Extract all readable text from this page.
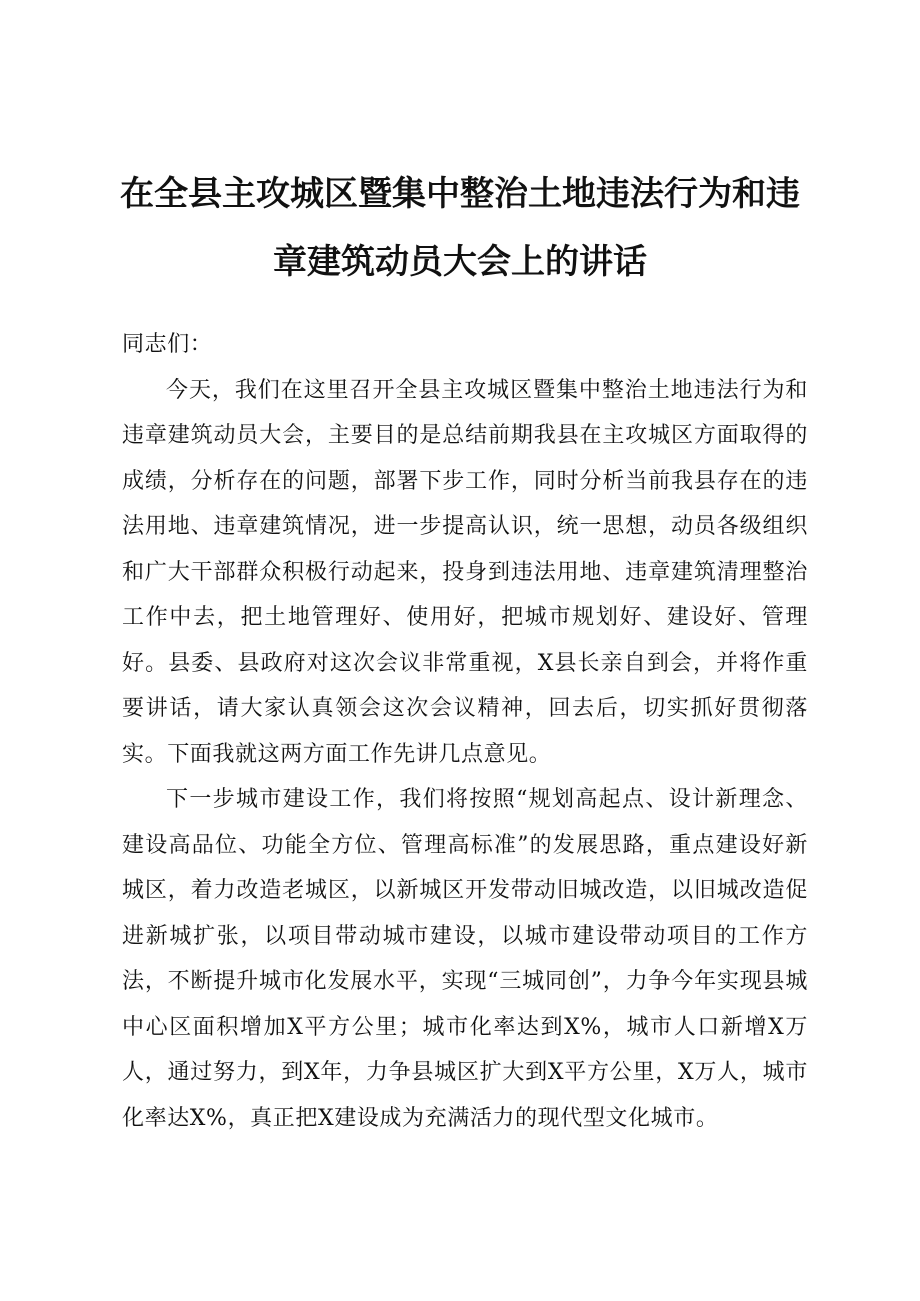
在全县主攻城区暨集中整治土地违法行为和违
章建筑动员大会上的讲话

同志们：

今天，我们在这里召开全县主攻城区暨集中整治土地违法行为和违章建筑动员大会，主要目的是总结前期我县在主攻城区方面取得的成绩，分析存在的问题，部署下步工作，同时分析当前我县存在的违法用地、违章建筑情况，进一步提高认识，统一思想，动员各级组织和广大干部群众积极行动起来，投身到违法用地、违章建筑清理整治工作中去，把土地管理好、使用好，把城市规划好、建设好、管理好。县委、县政府对这次会议非常重视，X县长亲自到会，并将作重要讲话，请大家认真领会这次会议精神，回去后，切实抓好贯彻落实。下面我就这两方面工作先讲几点意见。

下一步城市建设工作，我们将按照“规划高起点、设计新理念、建设高品位、功能全方位、管理高标准”的发展思路，重点建设好新城区，着力改造老城区，以新城区开发带动旧城改造，以旧城改造促进新城扩张，以项目带动城市建设，以城市建设带动项目的工作方法，不断提升城市化发展水平，实现“三城同创”，力争今年实现县城中心区面积增加X平方公里；城市化率达到X%，城市人口新增X万人，通过努力，到X年，力争县城区扩大到X平方公里，X万人，城市化率达X%，真正把X建设成为充满活力的现代型文化城市。
